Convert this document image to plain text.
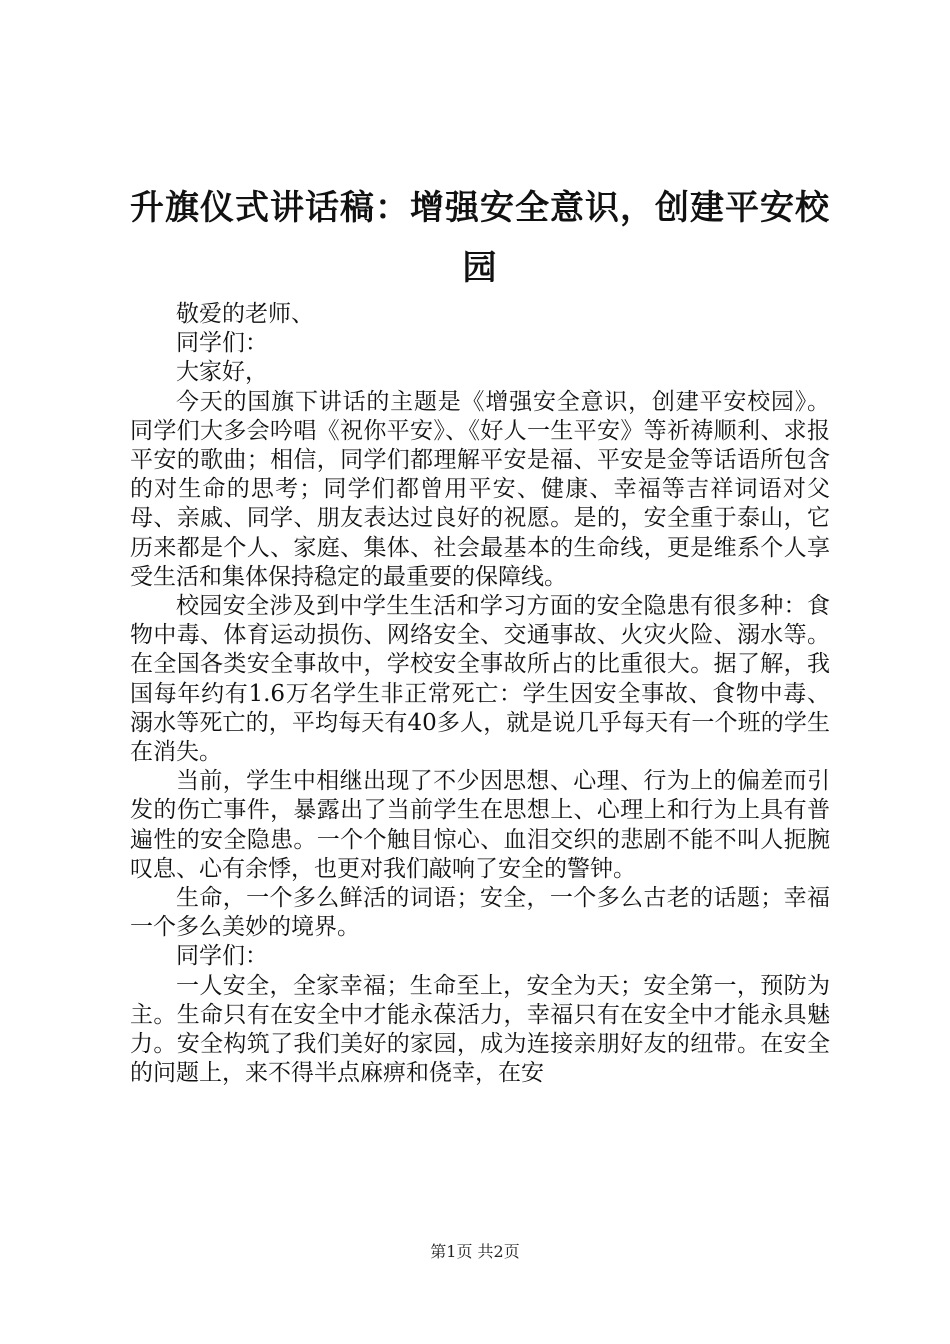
升旗仪式讲话稿：增强安全意识，创建平安校园

敬爱的老师、

同学们：

大家好，

今天的国旗下讲话的主题是《增强安全意识，创建平安校园》。同学们大多会吟唱《祝你平安》、《好人一生平安》等祈祷顺利、求报平安的歌曲；相信，同学们都理解平安是福、平安是金等话语所包含的对生命的思考；同学们都曾用平安、健康、幸福等吉祥词语对父母、亲戚、同学、朋友表达过良好的祝愿。是的，安全重于泰山，它历来都是个人、家庭、集体、社会最基本的生命线，更是维系个人享受生活和集体保持稳定的最重要的保障线。

校园安全涉及到中学生生活和学习方面的安全隐患有很多种：食物中毒、体育运动损伤、网络安全、交通事故、火灾火险、溺水等。在全国各类安全事故中，学校安全事故所占的比重很大。据了解，我国每年约有1.6万名学生非正常死亡：学生因安全事故、食物中毒、溺水等死亡的，平均每天有40多人，就是说几乎每天有一个班的学生在消失。

当前，学生中相继出现了不少因思想、心理、行为上的偏差而引发的伤亡事件，暴露出了当前学生在思想上、心理上和行为上具有普遍性的安全隐患。一个个触目惊心、血泪交织的悲剧不能不叫人扼腕叹息、心有余悸，也更对我们敲响了安全的警钟。

生命，一个多么鲜活的词语；安全，一个多么古老的话题；幸福一个多么美妙的境界。

同学们：

一人安全，全家幸福；生命至上，安全为天；安全第一，预防为主。生命只有在安全中才能永葆活力，幸福只有在安全中才能永具魅力。安全构筑了我们美好的家园，成为连接亲朋好友的纽带。在安全的问题上，来不得半点麻痹和侥幸，在安

第1页 共2页
